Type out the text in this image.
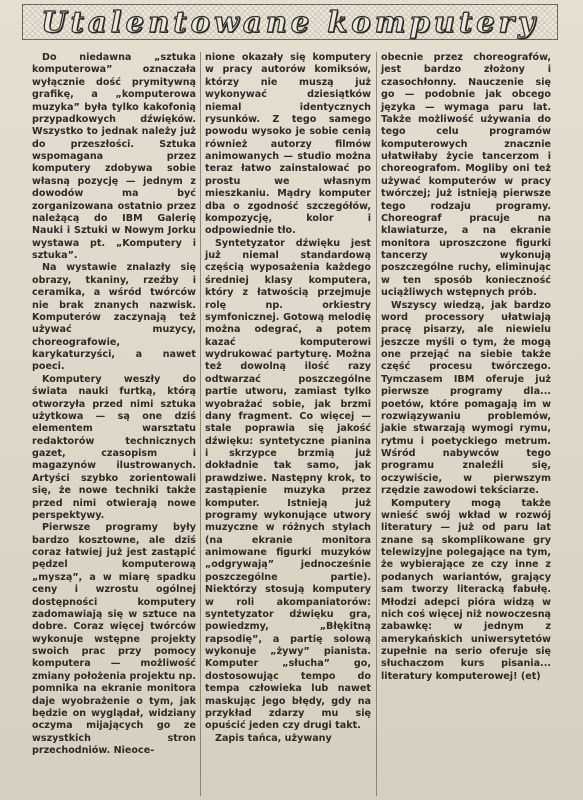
Utalentowane komputery

Do niedawna „sztuka komputerowa” oznaczała wyłącznie dość prymitywną grafikę, a „komputerowa muzyka” była tylko kakofonią przypadkowych dźwięków. Wszystko to jednak należy już do przeszłości. Sztuka wspomagana przez komputery zdobywa sobie własną pozycję — jednym z dowodów ma być zorganizowana ostatnio przez należącą do IBM Galerię Nauki i Sztuki w Nowym Jorku wystawa pt. „Komputery i sztuka”.

Na wystawie znalazły się obrazy, tkaniny, rzeźby i ceramika, a wśród twórców nie brak znanych nazwisk. Komputerów zaczynają też używać muzycy, choreografowie, karykaturzyści, a nawet poeci.

Komputery weszły do świata nauki furtką, którą otworzyła przed nimi sztuka użytkowa — są one dziś elementem warsztatu redaktorów technicznych gazet, czasopism i magazynów ilustrowanych. Artyści szybko zorientowali się, że nowe techniki także przed nimi otwierają nowe perspektywy.

Pierwsze programy były bardzo kosztowne, ale dziś coraz łatwiej już jest zastąpić pędzel komputerową „myszą”, a w miarę spadku ceny i wzrostu ogólnej dostępności komputery zadomawiają się w sztuce na dobre. Coraz więcej twórców wykonuje wstępne projekty swoich prac przy pomocy komputera — możliwość zmiany położenia projektu np. pomnika na ekranie monitora daje wyobrażenie o tym, jak będzie on wyglądał, widziany oczyma mijających go ze wszystkich stron przechodniów. Nieoce-

nione okazały się komputery w pracy autorów komiksów, którzy nie muszą już wykonywać dziesiątków niemal identycznych rysunków. Z tego samego powodu wysoko je sobie cenią również autorzy filmów animowanych — studio można teraz łatwo zainstalować po prostu we własnym mieszkaniu. Mądry komputer dba o zgodność szczegółów, kompozycję, kolor i odpowiednie tło.

Syntetyzator dźwięku jest już niemal standardową częścią wyposażenia każdego średniej klasy komputera, który z łatwością przejmuje rolę np. orkiestry symfonicznej. Gotową melodię można odegrać, a potem kazać komputerowi wydrukować partyturę. Można też dowolną ilość razy odtwarzać poszczególne partie utworu, zamiast tylko wyobrażać sobie, jak brzmi dany fragment. Co więcej — stale poprawia się jakość dźwięku: syntetyczne pianina i skrzypce brzmią już dokładnie tak samo, jak prawdziwe. Następny krok, to zastąpienie muzyka przez komputer. Istnieją już programy wykonujące utwory muzyczne w różnych stylach (na ekranie monitora animowane figurki muzyków „odgrywają” jednocześnie poszczególne partie). Niektórzy stosują komputery w roli akompaniatorów: syntetyzator dźwięku gra, powiedzmy, „Błękitną rapsodię”, a partię solową wykonuje „żywy” pianista. Komputer „słucha” go, dostosowując tempo do tempa człowieka lub nawet maskując jego błędy, gdy na przykład zdarzy mu się opuścić jeden czy drugi takt.

Zapis tańca, używany

obecnie przez choreografów, jest bardzo złożony i czasochłonny. Nauczenie się go — podobnie jak obcego języka — wymaga paru lat. Także możliwość używania do tego celu programów komputerowych znacznie ułatwiłaby życie tancerzom i choreografom. Mogliby oni też używać komputerów w pracy twórczej; już istnieją pierwsze tego rodzaju programy. Choreograf pracuje na klawiaturze, a na ekranie monitora uproszczone figurki tancerzy wykonują poszczególne ruchy, eliminując w ten sposób konieczność uciążliwych wstępnych prób.

Wszyscy wiedzą, jak bardzo word processory ułatwiają pracę pisarzy, ale niewielu jeszcze myśli o tym, że mogą one przejąć na siebie także część procesu twórczego. Tymczasem IBM oferuje już pierwsze programy dla... poetów, które pomagają im w rozwiązywaniu problemów, jakie stwarzają wymogi rymu, rytmu i poetyckiego metrum. Wśród nabywców tego programu znaleźli się, oczywiście, w pierwszym rzędzie zawodowi tekściarze.

Komputery mogą także wnieść swój wkład w rozwój literatury — już od paru lat znane są skomplikowane gry telewizyjne polegające na tym, że wybierające ze czy inne z podanych wariantów, grający sam tworzy literacką fabułę. Młodzi adepci pióra widzą w nich coś więcej niż nowoczesną zabawkę: w jednym z amerykańskich uniwersytetów zupełnie na serio oferuje się słuchaczom kurs pisania... literatury komputerowej! (et)
